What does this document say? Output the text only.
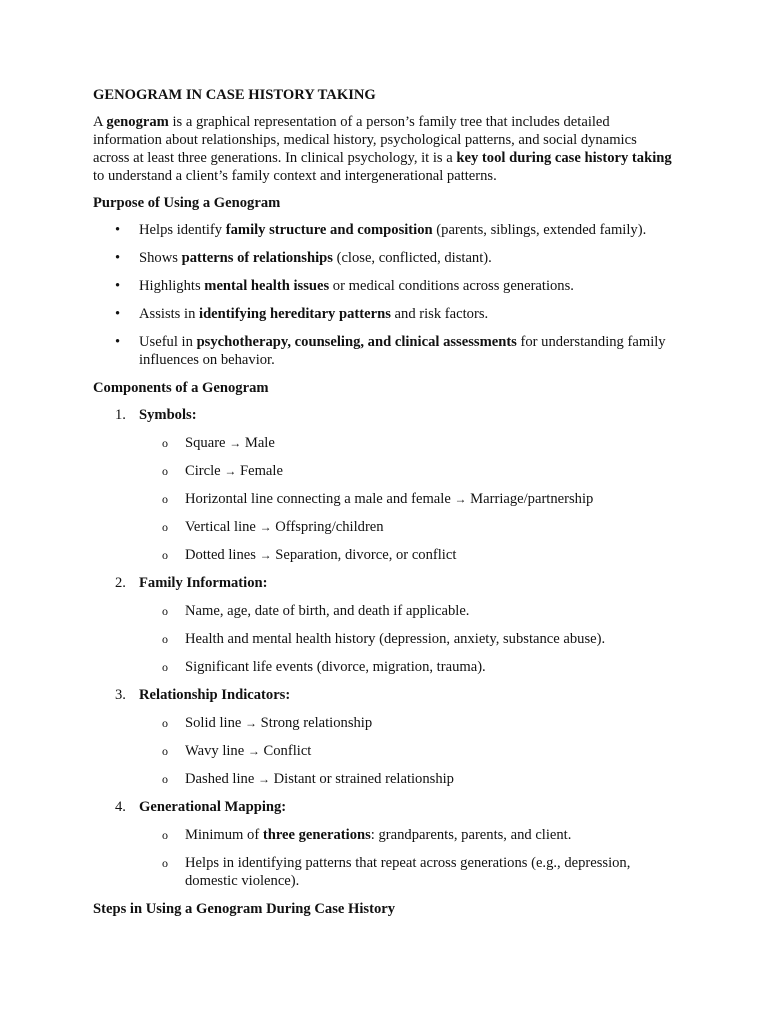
GENOGRAM IN CASE HISTORY TAKING

A genogram is a graphical representation of a person’s family tree that includes detailed information about relationships, medical history, psychological patterns, and social dynamics across at least three generations. In clinical psychology, it is a key tool during case history taking to understand a client’s family context and intergenerational patterns.

Purpose of Using a Genogram
• Helps identify family structure and composition (parents, siblings, extended family).
• Shows patterns of relationships (close, conflicted, distant).
• Highlights mental health issues or medical conditions across generations.
• Assists in identifying hereditary patterns and risk factors.
• Useful in psychotherapy, counseling, and clinical assessments for understanding family influences on behavior.
Components of a Genogram
1. Symbols:
o Square → Male
o Circle → Female
o Horizontal line connecting a male and female → Marriage/partnership
o Vertical line → Offspring/children
o Dotted lines → Separation, divorce, or conflict
2. Family Information:
o Name, age, date of birth, and death if applicable.
o Health and mental health history (depression, anxiety, substance abuse).
o Significant life events (divorce, migration, trauma).
3. Relationship Indicators:
o Solid line → Strong relationship
o Wavy line → Conflict
o Dashed line → Distant or strained relationship
4. Generational Mapping:
o Minimum of three generations: grandparents, parents, and client.
o Helps in identifying patterns that repeat across generations (e.g., depression, domestic violence).
Steps in Using a Genogram During Case History
